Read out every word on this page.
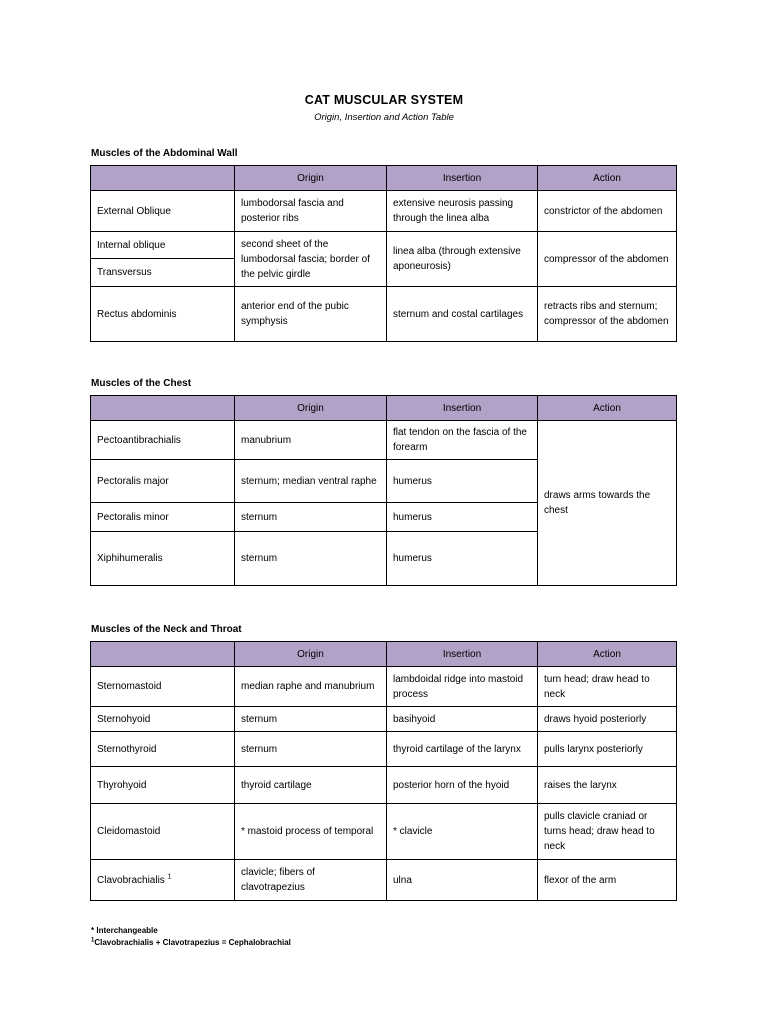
CAT MUSCULAR SYSTEM
Origin, Insertion and Action Table
Muscles of the Abdominal Wall
	Origin	Insertion	Action
External Oblique	lumbodorsal fascia and posterior ribs	extensive neurosis passing through the linea alba	constrictor of the abdomen
Internal oblique	second sheet of the lumbodorsal fascia; border of the pelvic girdle	linea alba (through extensive aponeurosis)	compressor of the abdomen
Transversus			
Rectus abdominis	anterior end of the pubic symphysis	sternum and costal cartilages	retracts ribs and sternum; compressor of the abdomen
Muscles of the Chest
	Origin	Insertion	Action
Pectoantibrachialis	manubrium	flat tendon on the fascia of the forearm	draws arms towards the chest
Pectoralis major	sternum; median ventral raphe	humerus	
Pectoralis minor	sternum	humerus	
Xiphihumeralis	sternum	humerus	
Muscles of the Neck and Throat
	Origin	Insertion	Action
Sternomastoid	median raphe and manubrium	lambdoidal ridge into mastoid process	turn head; draw head to neck
Sternohyoid	sternum	basihyoid	draws hyoid posteriorly
Sternothyroid	sternum	thyroid cartilage of the larynx	pulls larynx posteriorly
Thyrohyoid	thyroid cartilage	posterior horn of the hyoid	raises the larynx
Cleidomastoid	* mastoid process of temporal	* clavicle	pulls clavicle craniad or turns head; draw head to neck
Clavobrachialis $^1$	clavicle; fibers of clavotrapezius	ulna	flexor of the arm
* Interchangeable
$^1$Clavobrachialis + Clavotrapezius = Cephalobrachial
